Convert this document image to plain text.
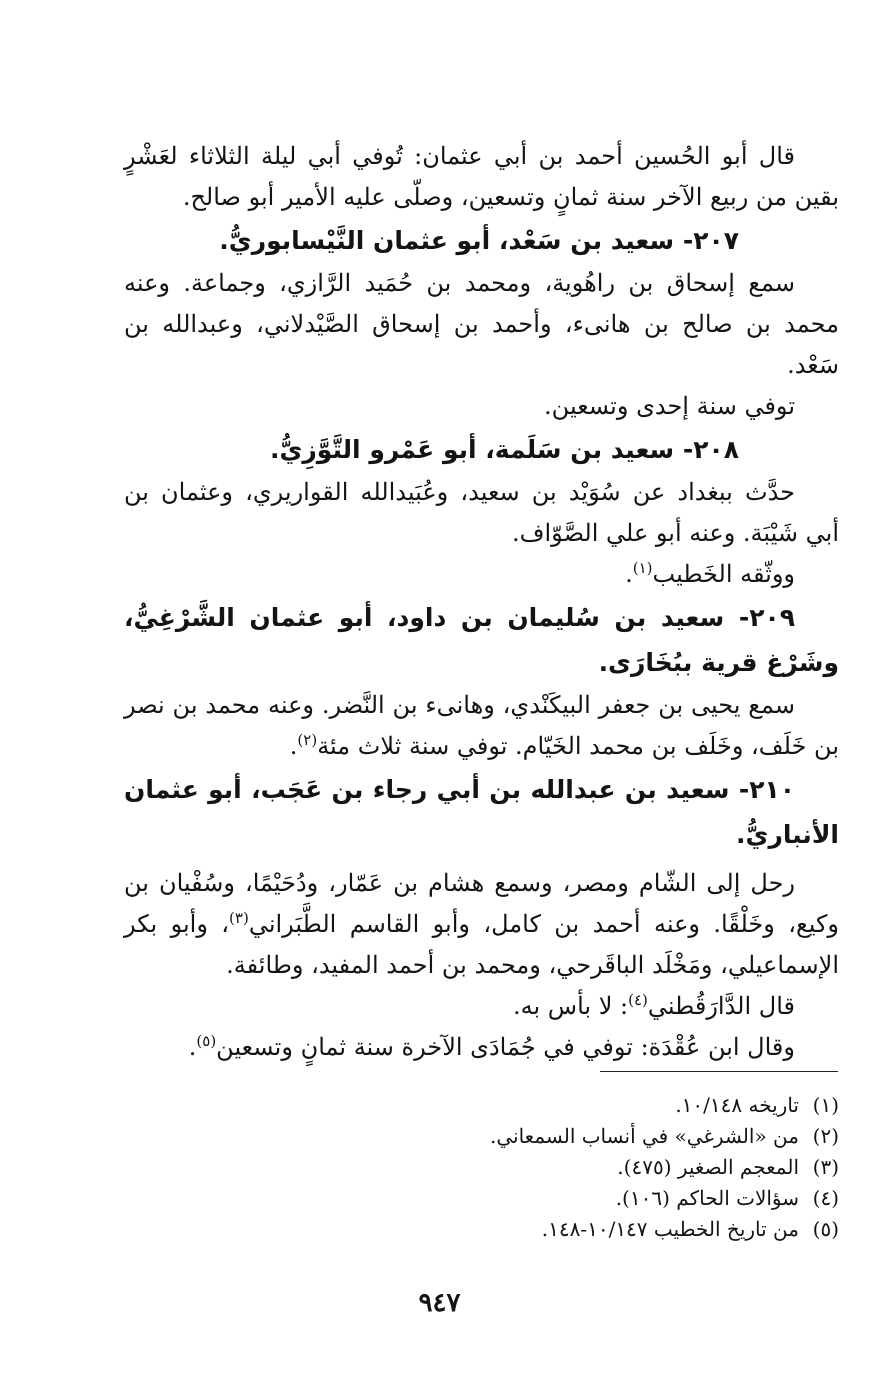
قال أبو الحُسين أحمد بن أبي عثمان: تُوفي أبي ليلة الثلاثاء لعَشْرٍ بقين من ربيع الآخر سنة ثمانٍ وتسعين، وصلّى عليه الأمير أبو صالح.

٢٠٧- سعيد بن سَعْد، أبو عثمان النَّيْسابوريُّ.

سمع إسحاق بن راهُوية، ومحمد بن حُمَيد الرَّازي، وجماعة. وعنه محمد بن صالح بن هانىء، وأحمد بن إسحاق الصَّيْدلاني، وعبدالله بن سَعْد.

توفي سنة إحدى وتسعين.

٢٠٨- سعيد بن سَلَمة، أبو عَمْرو التَّوَّزِيُّ.

حدَّث ببغداد عن سُوَيْد بن سعيد، وعُبَيدالله القواريري، وعثمان بن أبي شَيْبَة. وعنه أبو علي الصَّوّاف.

ووثّقه الخَطيب$^{(١)}$.

٢٠٩- سعيد بن سُليمان بن داود، أبو عثمان الشَّرْغِيُّ، وشَرْغ قرية ببُخَارَى.

سمع يحيى بن جعفر البيكَنْدي، وهانىء بن النَّضر. وعنه محمد بن نصر بن خَلَف، وخَلَف بن محمد الخَيّام. توفي سنة ثلاث مئة$^{(٢)}$.

٢١٠- سعيد بن عبدالله بن أبي رجاء بن عَجَب، أبو عثمان الأنباريُّ.

رحل إلى الشّام ومصر، وسمع هشام بن عَمّار، ودُحَيْمًا، وسُفْيان بن وكيع، وخَلْقًا. وعنه أحمد بن كامل، وأبو القاسم الطَّبَراني$^{(٣)}$، وأبو بكر الإسماعيلي، ومَخْلَد الباقَرحي، ومحمد بن أحمد المفيد، وطائفة.

قال الدَّارَقُطني$^{(٤)}$: لا بأس به.

وقال ابن عُقْدَة: توفي في جُمَادَى الآخرة سنة ثمانٍ وتسعين$^{(٥)}$.

(١)تاريخه ١٠/١٤٨.

(٢)من «الشرغي» في أنساب السمعاني.

(٣)المعجم الصغير (٤٧٥).

(٤)سؤالات الحاكم (١٠٦).

(٥)من تاريخ الخطيب ١٠/١٤٧-١٤٨.

٩٤٧
